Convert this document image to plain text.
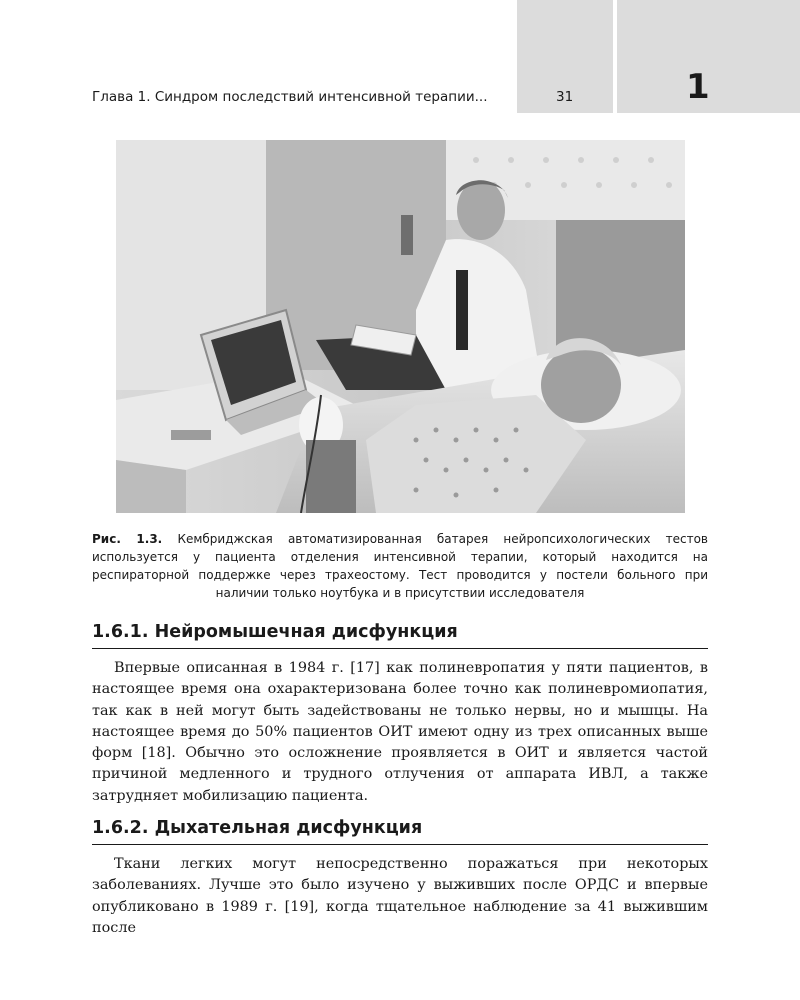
Глава 1. Синдром последствий интенсивной терапии...	31	1
Рис. 1.3. Кембриджская автоматизированная батарея нейропсихологических тестов используется у пациента отделения интенсивной терапии, который находится на респираторной поддержке через трахеостому. Тест проводится у постели больного при наличии только ноутбука и в присутствии исследователя
1.6.1. Нейромышечная дисфункция

Впервые описанная в 1984 г. [17] как полиневропатия у пяти пациентов, в настоящее время она охарактеризована более точно как полиневромиопатия, так как в ней могут быть задействованы не только нервы, но и мышцы. На настоящее время до 50% пациентов ОИТ имеют одну из трех описанных выше форм [18]. Обычно это осложнение проявляется в ОИТ и является частой причиной медленного и трудного отлучения от аппарата ИВЛ, а также затрудняет мобилизацию пациента.

1.6.2. Дыхательная дисфункция

Ткани легких могут непосредственно поражаться при некоторых заболеваниях. Лучше это было изучено у выживших после ОРДС и впервые опубликовано в 1989 г. [19], когда тщательное наблюдение за 41 выжившим после
